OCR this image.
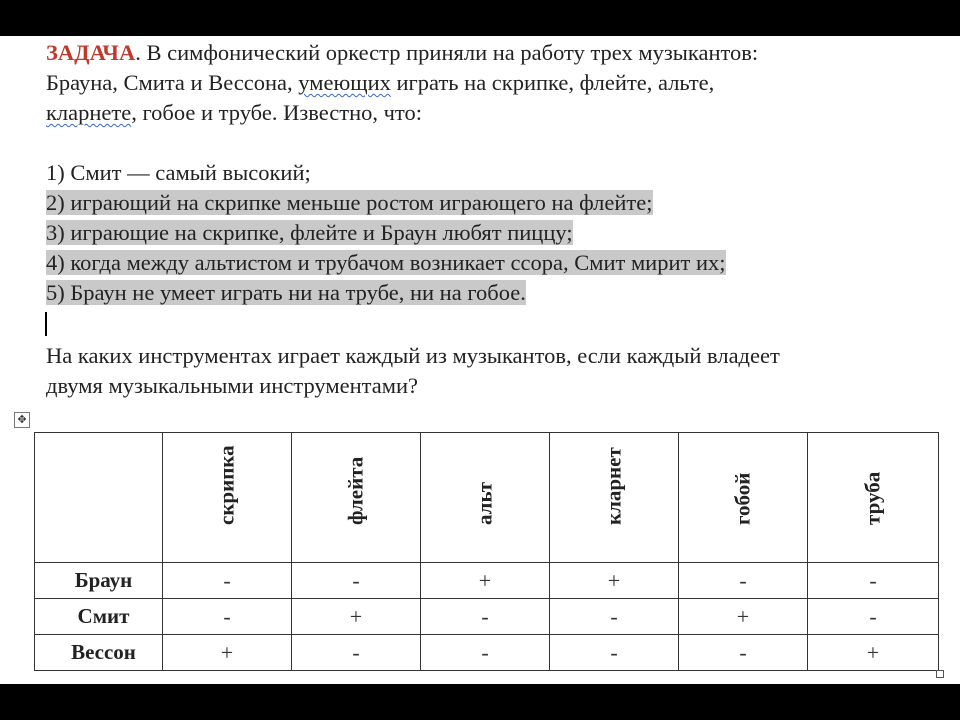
ЗАДАЧА. В симфонический оркестр приняли на работу трех музыкантов:
Брауна, Смита и Вессона, умеющих играть на скрипке, флейте, альте,
кларнете, гобое и трубе. Известно, что:
1) Смит — самый высокий;
2) играющий на скрипке меньше ростом играющего на флейте;
3) играющие на скрипке, флейте и Браун любят пиццу;
4) когда между альтистом и трубачом возникает ссора, Смит мирит их;
5) Браун не умеет играть ни на трубе, ни на гобое.
На каких инструментах играет каждый из музыкантов, если каждый владеет
двумя музыкальными инструментами?
✥

	скрипка	флейта	альт	кларнет	гобой	труба

Браун	-	-	+	+	-	-
Смит	-	+	-	-	+	-
Вессон	+	-	-	-	-	+
